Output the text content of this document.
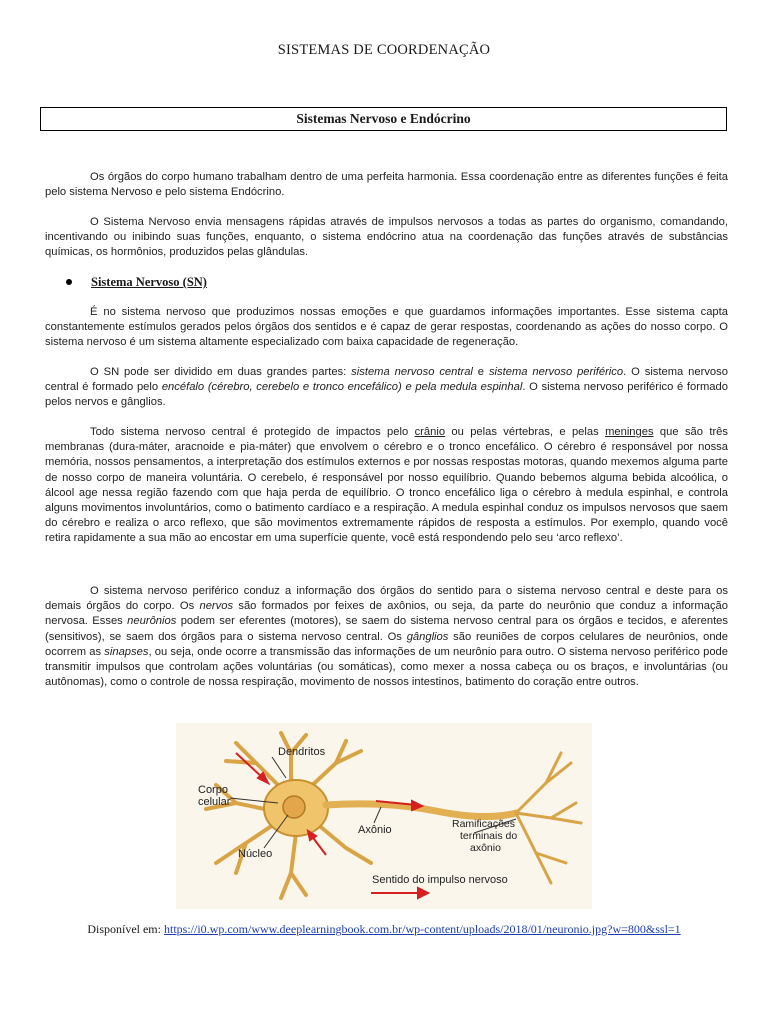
SISTEMAS DE COORDENAÇÃO
Sistemas Nervoso e Endócrino

Os órgãos do corpo humano trabalham dentro de uma perfeita harmonia. Essa coordenação entre as diferentes funções é feita pelo sistema Nervoso e pelo sistema Endócrino.

O Sistema Nervoso envia mensagens rápidas através de impulsos nervosos a todas as partes do organismo, comandando, incentivando ou inibindo suas funções, enquanto, o sistema endócrino atua na coordenação das funções através de substâncias químicas, os hormônios, produzidos pelas glândulas.

Sistema Nervoso (SN)

É no sistema nervoso que produzimos nossas emoções e que guardamos informações importantes. Esse sistema capta constantemente estímulos gerados pelos órgãos dos sentidos e é capaz de gerar respostas, coordenando as ações do nosso corpo. O sistema nervoso é um sistema altamente especializado com baixa capacidade de regeneração.

O SN pode ser dividido em duas grandes partes: sistema nervoso central e sistema nervoso periférico. O sistema nervoso central é formado pelo encéfalo (cérebro, cerebelo e tronco encefálico) e pela medula espinhal. O sistema nervoso periférico é formado pelos nervos e gânglios.

Todo sistema nervoso central é protegido de impactos pelo crânio ou pelas vértebras, e pelas meninges que são três membranas (dura-máter, aracnoide e pia-máter) que envolvem o cérebro e o tronco encefálico. O cérebro é responsável por nossa memória, nossos pensamentos, a interpretação dos estímulos externos e por nossas respostas motoras, quando mexemos alguma parte de nosso corpo de maneira voluntária. O cerebelo, é responsável por nosso equilíbrio. Quando bebemos alguma bebida alcoólica, o álcool age nessa região fazendo com que haja perda de equilíbrio. O tronco encefálico liga o cérebro à medula espinhal, e controla alguns movimentos involuntários, como o batimento cardíaco e a respiração. A medula espinhal conduz os impulsos nervosos que saem do cérebro e realiza o arco reflexo, que são movimentos extremamente rápidos de resposta a estímulos. Por exemplo, quando você retira rapidamente a sua mão ao encostar em uma superfície quente, você está respondendo pelo seu ‘arco reflexo’.

O sistema nervoso periférico conduz a informação dos órgãos do sentido para o sistema nervoso central e deste para os demais órgãos do corpo. Os nervos são formados por feixes de axônios, ou seja, da parte do neurônio que conduz a informação nervosa. Esses neurônios podem ser eferentes (motores), se saem do sistema nervoso central para os órgãos e tecidos, e aferentes (sensitivos), se saem dos órgãos para o sistema nervoso central. Os gânglios são reuniões de corpos celulares de neurônios, onde ocorrem as sinapses, ou seja, onde ocorre a transmissão das informações de um neurônio para outro. O sistema nervoso periférico pode transmitir impulsos que controlam ações voluntárias (ou somáticas), como mexer a nossa cabeça ou os braços, e involuntárias (ou autônomas), como o controle de nossa respiração, movimento de nossos intestinos, batimento do coração entre outros.

Dendritos
Corpo
celular
Núcleo
Axônio	Ramificações
terminais do
axônio
Sentido do impulso nervoso
Disponível em: https://i0.wp.com/www.deeplearningbook.com.br/wp-content/uploads/2018/01/neuronio.jpg?w=800&ssl=1
